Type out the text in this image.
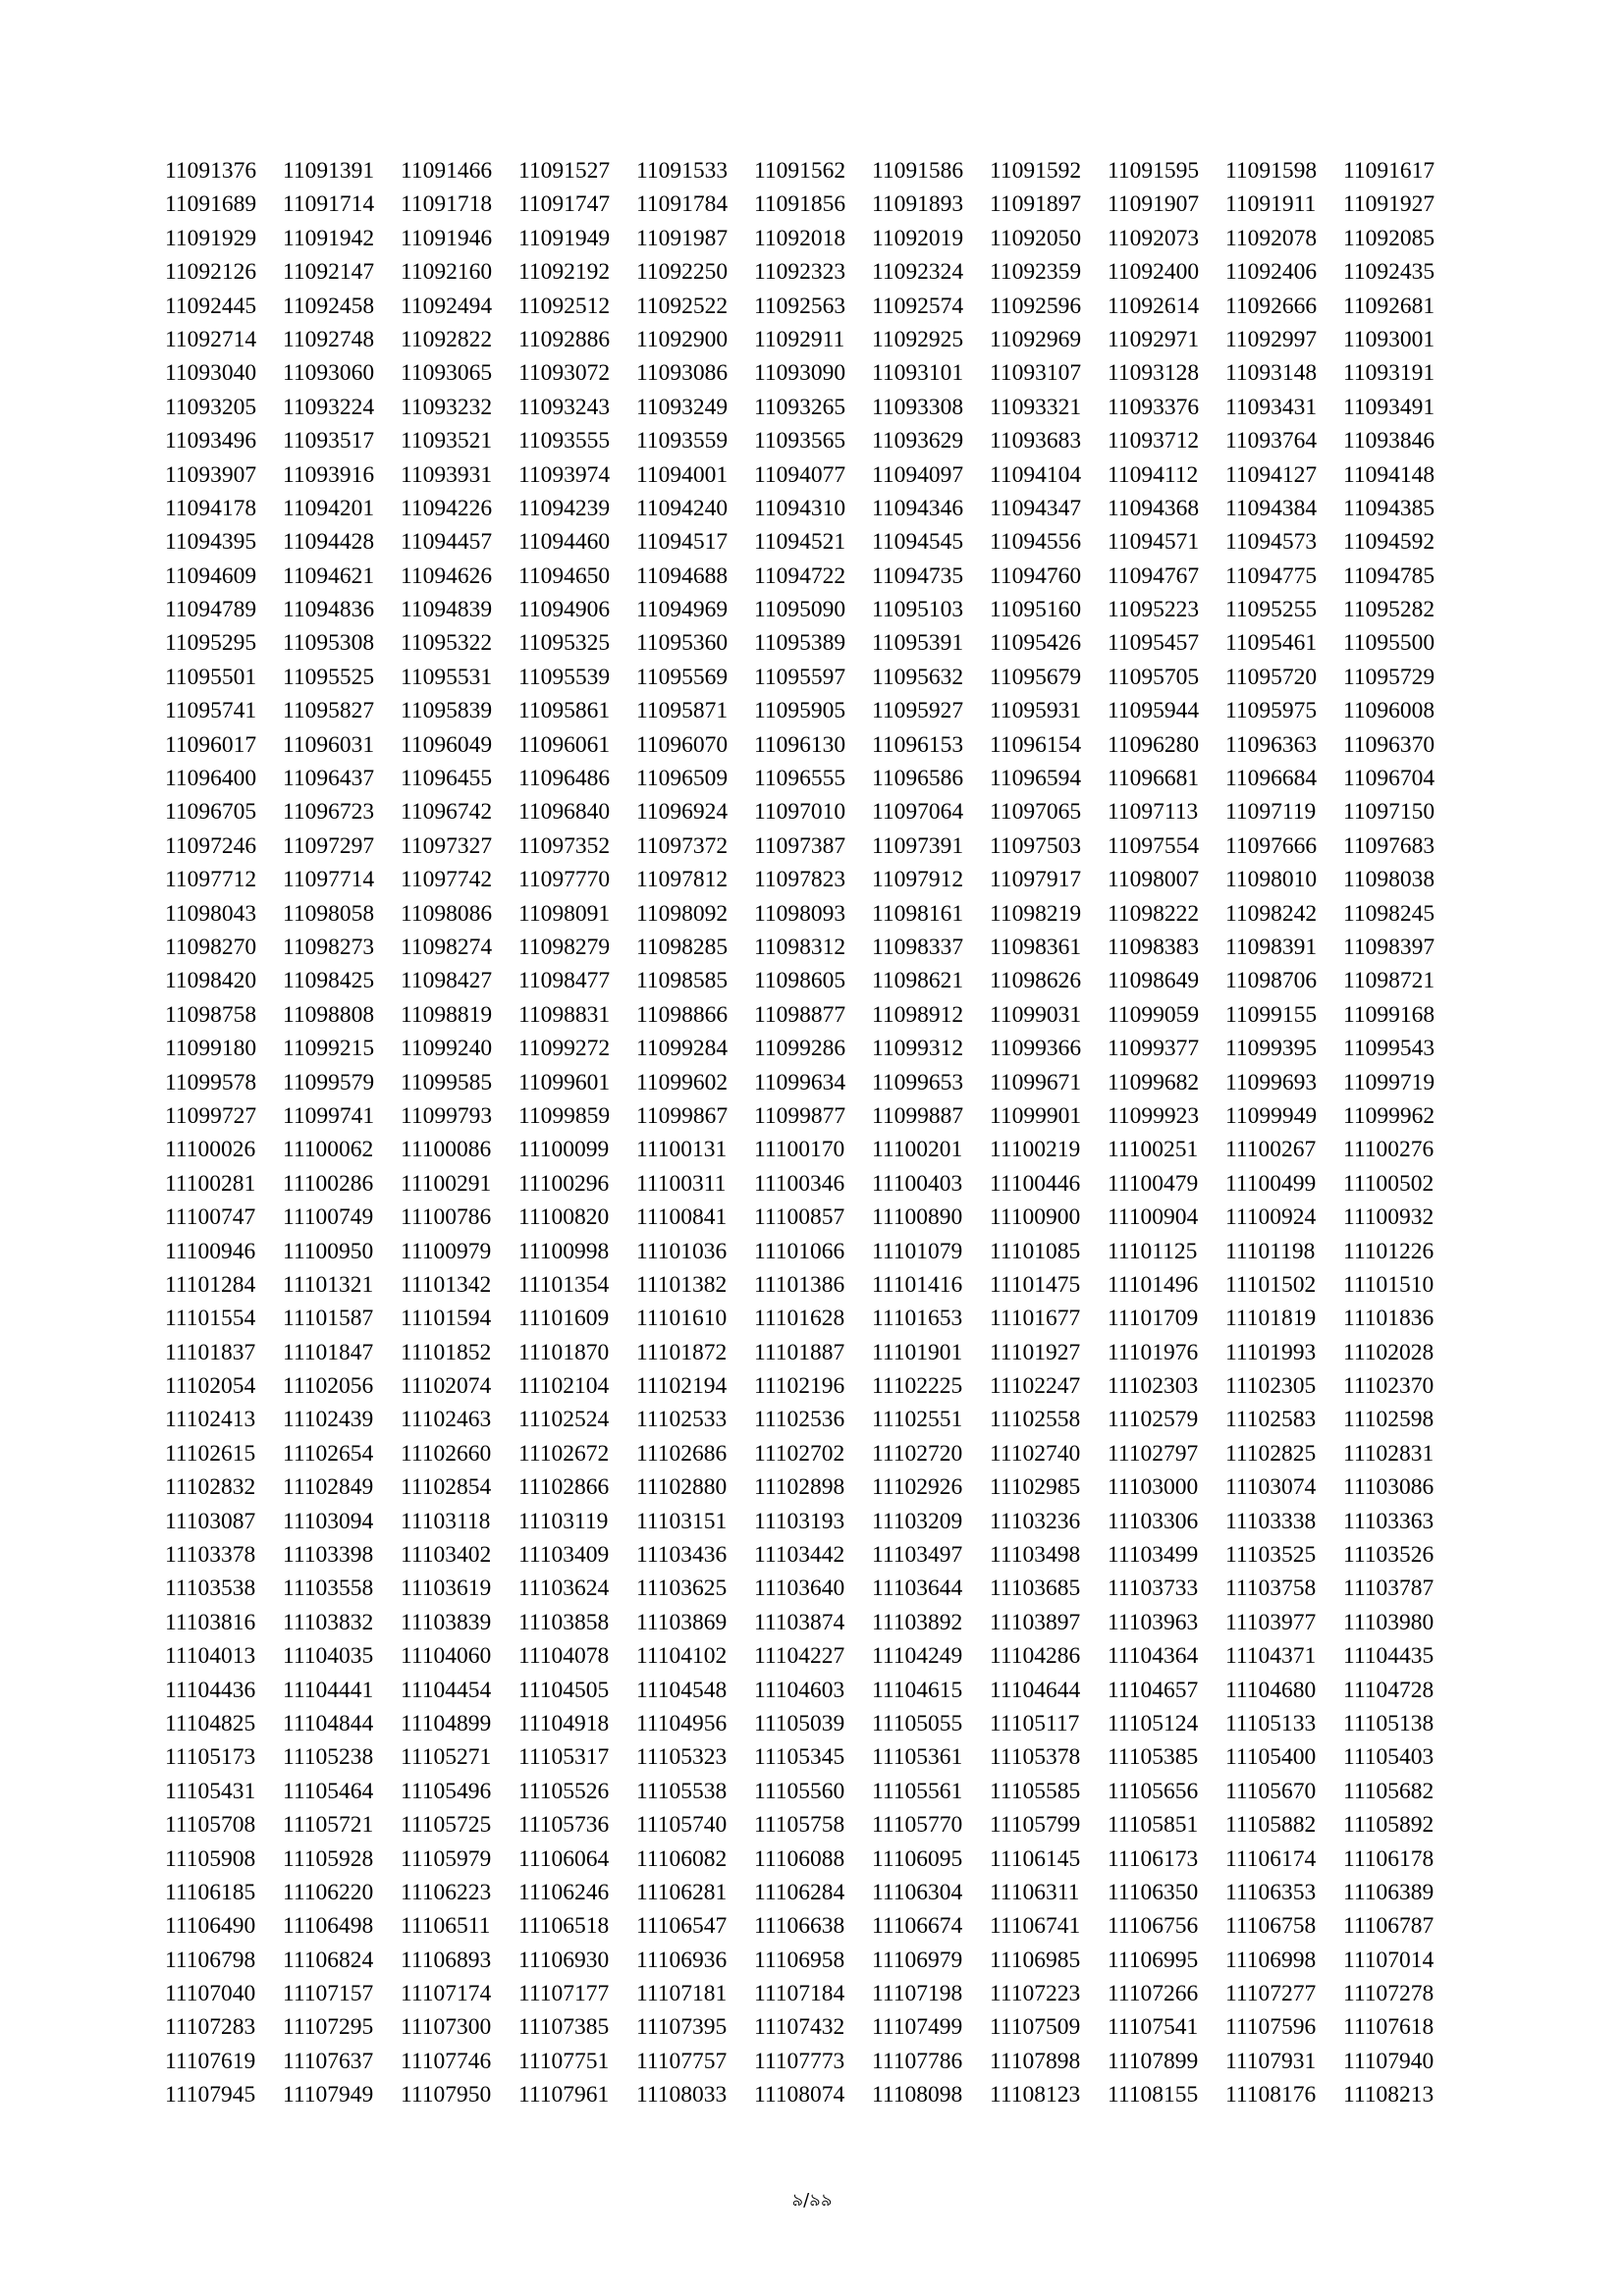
11091376	11091391	11091466	11091527	11091533	11091562	11091586	11091592	11091595	11091598	11091617
11091689	11091714	11091718	11091747	11091784	11091856	11091893	11091897	11091907	11091911	11091927
11091929	11091942	11091946	11091949	11091987	11092018	11092019	11092050	11092073	11092078	11092085
11092126	11092147	11092160	11092192	11092250	11092323	11092324	11092359	11092400	11092406	11092435
11092445	11092458	11092494	11092512	11092522	11092563	11092574	11092596	11092614	11092666	11092681
11092714	11092748	11092822	11092886	11092900	11092911	11092925	11092969	11092971	11092997	11093001
11093040	11093060	11093065	11093072	11093086	11093090	11093101	11093107	11093128	11093148	11093191
11093205	11093224	11093232	11093243	11093249	11093265	11093308	11093321	11093376	11093431	11093491
11093496	11093517	11093521	11093555	11093559	11093565	11093629	11093683	11093712	11093764	11093846
11093907	11093916	11093931	11093974	11094001	11094077	11094097	11094104	11094112	11094127	11094148
11094178	11094201	11094226	11094239	11094240	11094310	11094346	11094347	11094368	11094384	11094385
11094395	11094428	11094457	11094460	11094517	11094521	11094545	11094556	11094571	11094573	11094592
11094609	11094621	11094626	11094650	11094688	11094722	11094735	11094760	11094767	11094775	11094785
11094789	11094836	11094839	11094906	11094969	11095090	11095103	11095160	11095223	11095255	11095282
11095295	11095308	11095322	11095325	11095360	11095389	11095391	11095426	11095457	11095461	11095500
11095501	11095525	11095531	11095539	11095569	11095597	11095632	11095679	11095705	11095720	11095729
11095741	11095827	11095839	11095861	11095871	11095905	11095927	11095931	11095944	11095975	11096008
11096017	11096031	11096049	11096061	11096070	11096130	11096153	11096154	11096280	11096363	11096370
11096400	11096437	11096455	11096486	11096509	11096555	11096586	11096594	11096681	11096684	11096704
11096705	11096723	11096742	11096840	11096924	11097010	11097064	11097065	11097113	11097119	11097150
11097246	11097297	11097327	11097352	11097372	11097387	11097391	11097503	11097554	11097666	11097683
11097712	11097714	11097742	11097770	11097812	11097823	11097912	11097917	11098007	11098010	11098038
11098043	11098058	11098086	11098091	11098092	11098093	11098161	11098219	11098222	11098242	11098245
11098270	11098273	11098274	11098279	11098285	11098312	11098337	11098361	11098383	11098391	11098397
11098420	11098425	11098427	11098477	11098585	11098605	11098621	11098626	11098649	11098706	11098721
11098758	11098808	11098819	11098831	11098866	11098877	11098912	11099031	11099059	11099155	11099168
11099180	11099215	11099240	11099272	11099284	11099286	11099312	11099366	11099377	11099395	11099543
11099578	11099579	11099585	11099601	11099602	11099634	11099653	11099671	11099682	11099693	11099719
11099727	11099741	11099793	11099859	11099867	11099877	11099887	11099901	11099923	11099949	11099962
11100026	11100062	11100086	11100099	11100131	11100170	11100201	11100219	11100251	11100267	11100276
11100281	11100286	11100291	11100296	11100311	11100346	11100403	11100446	11100479	11100499	11100502
11100747	11100749	11100786	11100820	11100841	11100857	11100890	11100900	11100904	11100924	11100932
11100946	11100950	11100979	11100998	11101036	11101066	11101079	11101085	11101125	11101198	11101226
11101284	11101321	11101342	11101354	11101382	11101386	11101416	11101475	11101496	11101502	11101510
11101554	11101587	11101594	11101609	11101610	11101628	11101653	11101677	11101709	11101819	11101836
11101837	11101847	11101852	11101870	11101872	11101887	11101901	11101927	11101976	11101993	11102028
11102054	11102056	11102074	11102104	11102194	11102196	11102225	11102247	11102303	11102305	11102370
11102413	11102439	11102463	11102524	11102533	11102536	11102551	11102558	11102579	11102583	11102598
11102615	11102654	11102660	11102672	11102686	11102702	11102720	11102740	11102797	11102825	11102831
11102832	11102849	11102854	11102866	11102880	11102898	11102926	11102985	11103000	11103074	11103086
11103087	11103094	11103118	11103119	11103151	11103193	11103209	11103236	11103306	11103338	11103363
11103378	11103398	11103402	11103409	11103436	11103442	11103497	11103498	11103499	11103525	11103526
11103538	11103558	11103619	11103624	11103625	11103640	11103644	11103685	11103733	11103758	11103787
11103816	11103832	11103839	11103858	11103869	11103874	11103892	11103897	11103963	11103977	11103980
11104013	11104035	11104060	11104078	11104102	11104227	11104249	11104286	11104364	11104371	11104435
11104436	11104441	11104454	11104505	11104548	11104603	11104615	11104644	11104657	11104680	11104728
11104825	11104844	11104899	11104918	11104956	11105039	11105055	11105117	11105124	11105133	11105138
11105173	11105238	11105271	11105317	11105323	11105345	11105361	11105378	11105385	11105400	11105403
11105431	11105464	11105496	11105526	11105538	11105560	11105561	11105585	11105656	11105670	11105682
11105708	11105721	11105725	11105736	11105740	11105758	11105770	11105799	11105851	11105882	11105892
11105908	11105928	11105979	11106064	11106082	11106088	11106095	11106145	11106173	11106174	11106178
11106185	11106220	11106223	11106246	11106281	11106284	11106304	11106311	11106350	11106353	11106389
11106490	11106498	11106511	11106518	11106547	11106638	11106674	11106741	11106756	11106758	11106787
11106798	11106824	11106893	11106930	11106936	11106958	11106979	11106985	11106995	11106998	11107014
11107040	11107157	11107174	11107177	11107181	11107184	11107198	11107223	11107266	11107277	11107278
11107283	11107295	11107300	11107385	11107395	11107432	11107499	11107509	11107541	11107596	11107618
11107619	11107637	11107746	11107751	11107757	11107773	11107786	11107898	11107899	11107931	11107940
11107945	11107949	11107950	11107961	11108033	11108074	11108098	11108123	11108155	11108176	11108213
৯/৯৯
